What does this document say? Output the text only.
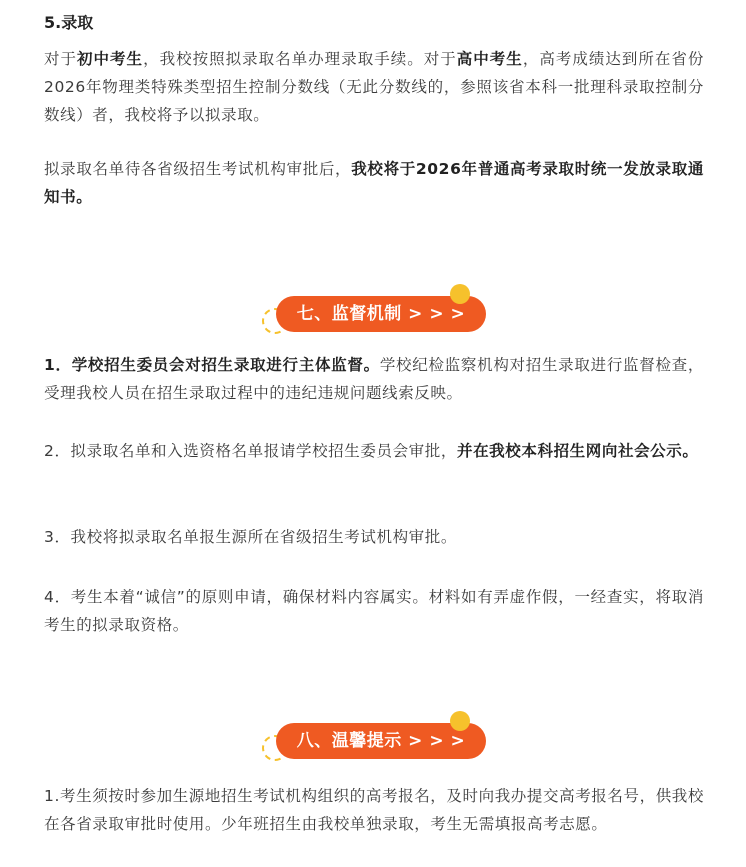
5.录取
对于初中考生，我校按照拟录取名单办理录取手续。对于高中考生，高考成绩达到所在省份2026年物理类特殊类型招生控制分数线（无此分数线的，参照该省本科一批理科录取控制分数线）者，我校将予以拟录取。
拟录取名单待各省级招生考试机构审批后，我校将于2026年普通高考录取时统一发放录取通知书。
七、监督机制 > > >
1．学校招生委员会对招生录取进行主体监督。学校纪检监察机构对招生录取进行监督检查，受理我校人员在招生录取过程中的违纪违规问题线索反映。
2．拟录取名单和入选资格名单报请学校招生委员会审批，并在我校本科招生网向社会公示。
3．我校将拟录取名单报生源所在省级招生考试机构审批。
4．考生本着“诚信”的原则申请，确保材料内容属实。材料如有弄虚作假，一经查实，将取消考生的拟录取资格。
八、温馨提示 > > >
1.考生须按时参加生源地招生考试机构组织的高考报名，及时向我办提交高考报名号，供我校在各省录取审批时使用。少年班招生由我校单独录取，考生无需填报高考志愿。
